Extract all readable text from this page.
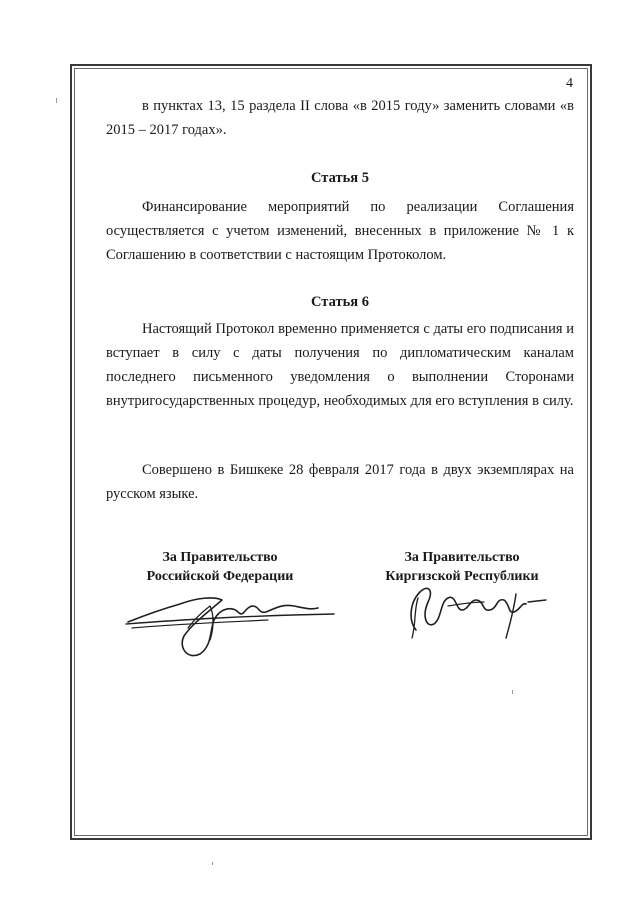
4

в пунктах 13, 15 раздела II слова «в 2015 году» заменить словами «в 2015 – 2017 годах».

Статья 5

Финансирование мероприятий по реализации Соглашения осуществляется с учетом изменений, внесенных в приложение № 1 к Соглашению в соответствии с настоящим Протоколом.

Статья 6

Настоящий Протокол временно применяется с даты его подписания и вступает в силу с даты получения по дипломатическим каналам последнего письменного уведомления о выполнении Сторонами внутригосударственных процедур, необходимых для его вступления в силу.

Совершено в Бишкеке 28 февраля 2017 года в двух экземплярах на русском языке.

За Правительство
Российской Федерации
За Правительство
Киргизской Республики
